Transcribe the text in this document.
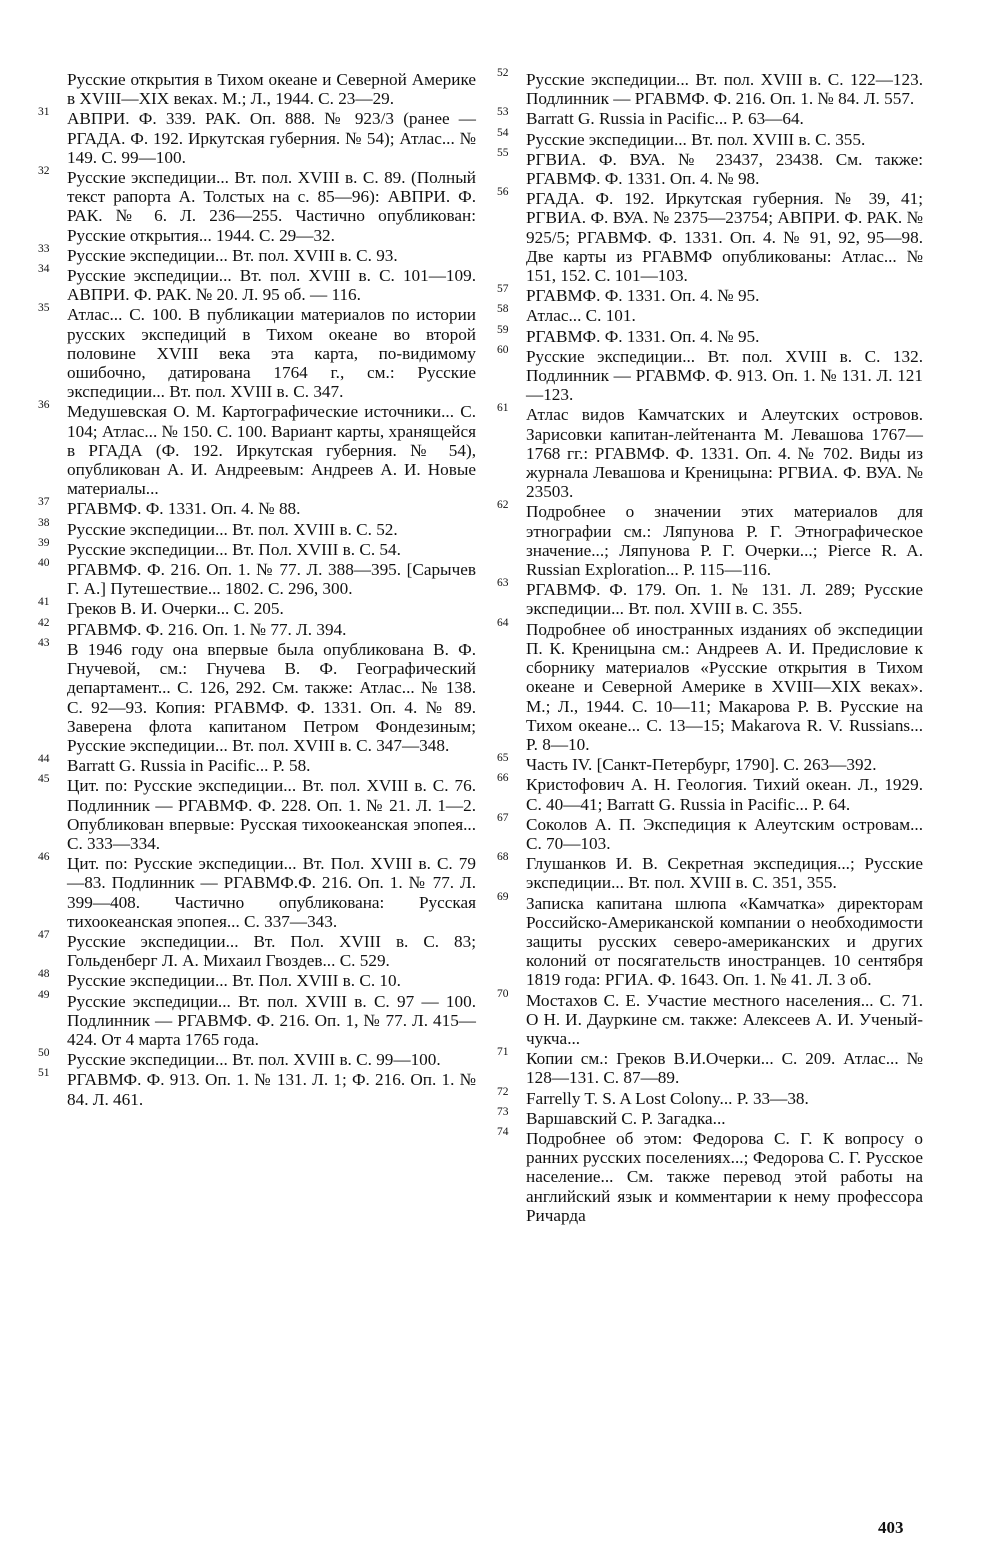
Русские открытия в Тихом океане и Северной Америке в XVIII—XIX веках. М.; Л., 1944. С. 23—29.

31 АВПРИ. Ф. 339. РАК. Оп. 888. № 923/3 (ранее — РГАДА. Ф. 192. Иркутская губерния. № 54); Атлас... № 149. С. 99—100.

32 Русские экспедиции... Вт. пол. XVIII в. С. 89. (Полный текст рапорта А. Толстых на с. 85—96): АВПРИ. Ф. РАК. № 6. Л. 236—255. Частично опубликован: Русские открытия... 1944. С. 29—32.

33 Русские экспедиции... Вт. пол. XVIII в. С. 93.

34 Русские экспедиции... Вт. пол. XVIII в. С. 101—109. АВПРИ. Ф. РАК. № 20. Л. 95 об. — 116.

35 Атлас... С. 100. В публикации материалов по истории русских экспедиций в Тихом океане во второй половине XVIII века эта карта, по-видимому ошибочно, датирована 1764 г., см.: Русские экспедиции... Вт. пол. XVIII в. С. 347.

36 Медушевская О. М. Картографические источники... С. 104; Атлас... № 150. С. 100. Вариант карты, хранящейся в РГАДА (Ф. 192. Иркутская губерния. № 54), опубликован А. И. Андреевым: Андреев А. И. Новые материалы...

37 РГАВМФ. Ф. 1331. Оп. 4. № 88.

38 Русские экспедиции... Вт. пол. XVIII в. С. 52.

39 Русские экспедиции... Вт. Пол. XVIII в. С. 54.

40 РГАВМФ. Ф. 216. Оп. 1. № 77. Л. 388—395. [Сарычев Г. А.] Путешествие... 1802. С. 296, 300.

41 Греков В. И. Очерки... С. 205.

42 РГАВМФ. Ф. 216. Оп. 1. № 77. Л. 394.

43 В 1946 году она впервые была опубликована В. Ф. Гнучевой, см.: Гнучева В. Ф. Географический департамент... С. 126, 292. См. также: Атлас... № 138. С. 92—93. Копия: РГАВМФ. Ф. 1331. Оп. 4. № 89. Заверена флота капитаном Петром Фондезиным; Русские экспедиции... Вт. пол. XVIII в. С. 347—348.

44 Barratt G. Russia in Pacific... P. 58.

45 Цит. по: Русские экспедиции... Вт. пол. XVIII в. С. 76. Подлинник — РГАВМФ. Ф. 228. Оп. 1. № 21. Л. 1—2. Опубликован впервые: Русская тихоокеанская эпопея... С. 333—334.

46 Цит. по: Русские экспедиции... Вт. Пол. XVIII в. С. 79—83. Подлинник — РГАВМФ.Ф. 216. Оп. 1. № 77. Л. 399—408. Частично опубликована: Русская тихоокеанская эпопея... С. 337—343.

47 Русские экспедиции... Вт. Пол. XVIII в. С. 83; Гольденберг Л. А. Михаил Гвоздев... С. 529.

48 Русские экспедиции... Вт. Пол. XVIII в. С. 10.

49 Русские экспедиции... Вт. пол. XVIII в. С. 97 — 100. Подлинник — РГАВМФ. Ф. 216. Оп. 1, № 77. Л. 415—424. От 4 марта 1765 года.

50 Русские экспедиции... Вт. пол. XVIII в. С. 99—100.

51 РГАВМФ. Ф. 913. Оп. 1. № 131. Л. 1; Ф. 216. Оп. 1. № 84. Л. 461.

52 Русские экспедиции... Вт. пол. XVIII в. С. 122—123. Подлинник — РГАВМФ. Ф. 216. Оп. 1. № 84. Л. 557.

53 Barratt G. Russia in Pacific... P. 63—64.

54 Русские экспедиции... Вт. пол. XVIII в. С. 355.

55 РГВИА. Ф. ВУА. № 23437, 23438. См. также: РГАВМФ. Ф. 1331. Оп. 4. № 98.

56 РГАДА. Ф. 192. Иркутская губерния. № 39, 41; РГВИА. Ф. ВУА. № 2375—23754; АВПРИ. Ф. РАК. № 925/5; РГАВМФ. Ф. 1331. Оп. 4. № 91, 92, 95—98. Две карты из РГАВМФ опубликованы: Атлас... № 151, 152. С. 101—103.

57 РГАВМФ. Ф. 1331. Оп. 4. № 95.

58 Атлас... С. 101.

59 РГАВМФ. Ф. 1331. Оп. 4. № 95.

60 Русские экспедиции... Вт. пол. XVIII в. С. 132. Подлинник — РГАВМФ. Ф. 913. Оп. 1. № 131. Л. 121—123.

61 Атлас видов Камчатских и Алеутских островов. Зарисовки капитан-лейтенанта М. Левашова 1767—1768 гг.: РГАВМФ. Ф. 1331. Оп. 4. № 702. Виды из журнала Левашова и Креницына: РГВИА. Ф. ВУА. № 23503.

62 Подробнее о значении этих материалов для этнографии см.: Ляпунова Р. Г. Этнографическое значение...; Ляпунова Р. Г. Очерки...; Pierce R. A. Russian Exploration... P. 115—116.

63 РГАВМФ. Ф. 179. Оп. 1. № 131. Л. 289; Русские экспедиции... Вт. пол. XVIII в. С. 355.

64 Подробнее об иностранных изданиях об экспедиции П. К. Креницына см.: Андреев А. И. Предисловие к сборнику материалов «Русские открытия в Тихом океане и Северной Америке в XVIII—XIX веках». М.; Л., 1944. С. 10—11; Макарова Р. В. Русские на Тихом океане... С. 13—15; Makarova R. V. Russians... P. 8—10.

65 Часть IV. [Санкт-Петербург, 1790]. С. 263—392.

66 Кристофович А. Н. Геология. Тихий океан. Л., 1929. С. 40—41; Barratt G. Russia in Pacific... P. 64.

67 Соколов А. П. Экспедиция к Алеутским островам... С. 70—103.

68 Глушанков И. В. Секретная экспедиция...; Русские экспедиции... Вт. пол. XVIII в. С. 351, 355.

69 Записка капитана шлюпа «Камчатка» директорам Российско-Американской компании о необходимости защиты русских северо-американских и других колоний от посягательств иностранцев. 10 сентября 1819 года: РГИА. Ф. 1643. Оп. 1. № 41. Л. 3 об.

70 Мостахов С. Е. Участие местного населения... С. 71. О Н. И. Дауркине см. также: Алексеев А. И. Ученый-чукча...

71 Копии см.: Греков В.И.Очерки... С. 209. Атлас... № 128—131. С. 87—89.

72 Farrelly T. S. A Lost Colony... P. 33—38.

73 Варшавский С. Р. Загадка...

74 Подробнее об этом: Федорова С. Г. К вопросу о ранних русских поселениях...; Федорова С. Г. Русское население... См. также перевод этой работы на английский язык и комментарии к нему профессора Ричарда

403
